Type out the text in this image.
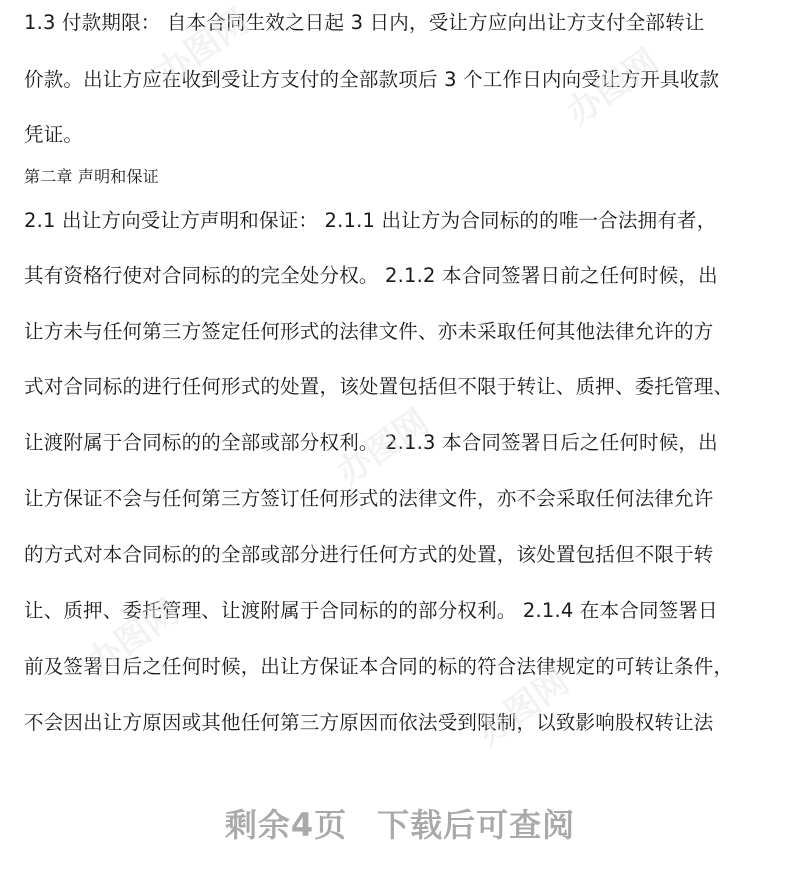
1.3 付款期限： 自本合同生效之日起 3 日内，受让方应向出让方支付全部转让
价款。出让方应在收到受让方支付的全部款项后 3 个工作日内向受让方开具收款
凭证。
第二章 声明和保证
2.1 出让方向受让方声明和保证： 2.1.1 出让方为合同标的的唯一合法拥有者，
其有资格行使对合同标的的完全处分权。 2.1.2 本合同签署日前之任何时候，出
让方未与任何第三方签定任何形式的法律文件、亦未采取任何其他法律允许的方
式对合同标的进行任何形式的处置，该处置包括但不限于转让、质押、委托管理、
让渡附属于合同标的的全部或部分权利。 2.1.3 本合同签署日后之任何时候，出
让方保证不会与任何第三方签订任何形式的法律文件，亦不会采取任何法律允许
的方式对本合同标的的全部或部分进行任何方式的处置，该处置包括但不限于转
让、质押、委托管理、让渡附属于合同标的的部分权利。 2.1.4 在本合同签署日
前及签署日后之任何时候，出让方保证本合同的标的符合法律规定的可转让条件，
不会因出让方原因或其他任何第三方原因而依法受到限制，以致影响股权转让法
办图网	办图网
办图网
办图网
办图网
剩余4页 下载后可查阅
